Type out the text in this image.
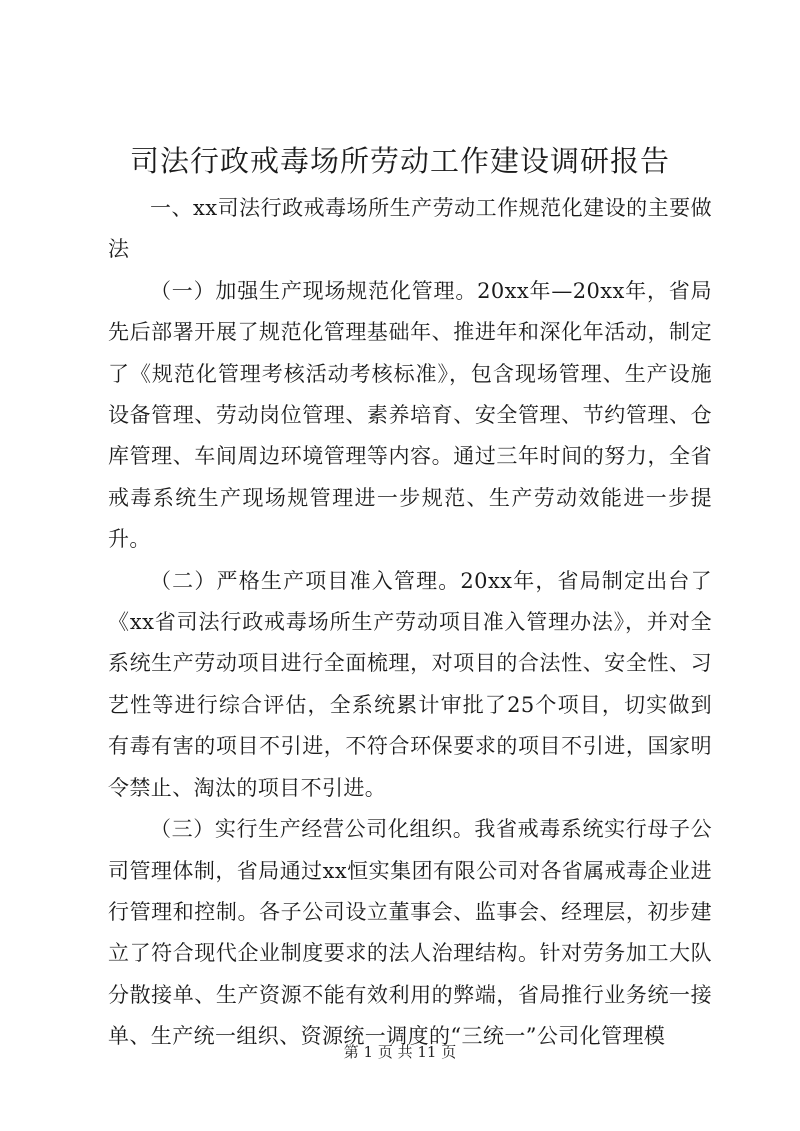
司法行政戒毒场所劳动工作建设调研报告

一、xx司法行政戒毒场所生产劳动工作规范化建设的主要做法

（一）加强生产现场规范化管理。20xx年—20xx年，省局先后部署开展了规范化管理基础年、推进年和深化年活动，制定了《规范化管理考核活动考核标准》，包含现场管理、生产设施设备管理、劳动岗位管理、素养培育、安全管理、节约管理、仓库管理、车间周边环境管理等内容。通过三年时间的努力，全省戒毒系统生产现场规管理进一步规范、生产劳动效能进一步提升。

（二）严格生产项目准入管理。20xx年，省局制定出台了《xx省司法行政戒毒场所生产劳动项目准入管理办法》，并对全系统生产劳动项目进行全面梳理，对项目的合法性、安全性、习艺性等进行综合评估，全系统累计审批了25个项目，切实做到有毒有害的项目不引进，不符合环保要求的项目不引进，国家明令禁止、淘汰的项目不引进。

（三）实行生产经营公司化组织。我省戒毒系统实行母子公司管理体制，省局通过xx恒实集团有限公司对各省属戒毒企业进行管理和控制。各子公司设立董事会、监事会、经理层，初步建立了符合现代企业制度要求的法人治理结构。针对劳务加工大队分散接单、生产资源不能有效利用的弊端，省局推行业务统一接单、生产统一组织、资源统一调度的“三统一”公司化管理模

第 1 页 共 11 页
